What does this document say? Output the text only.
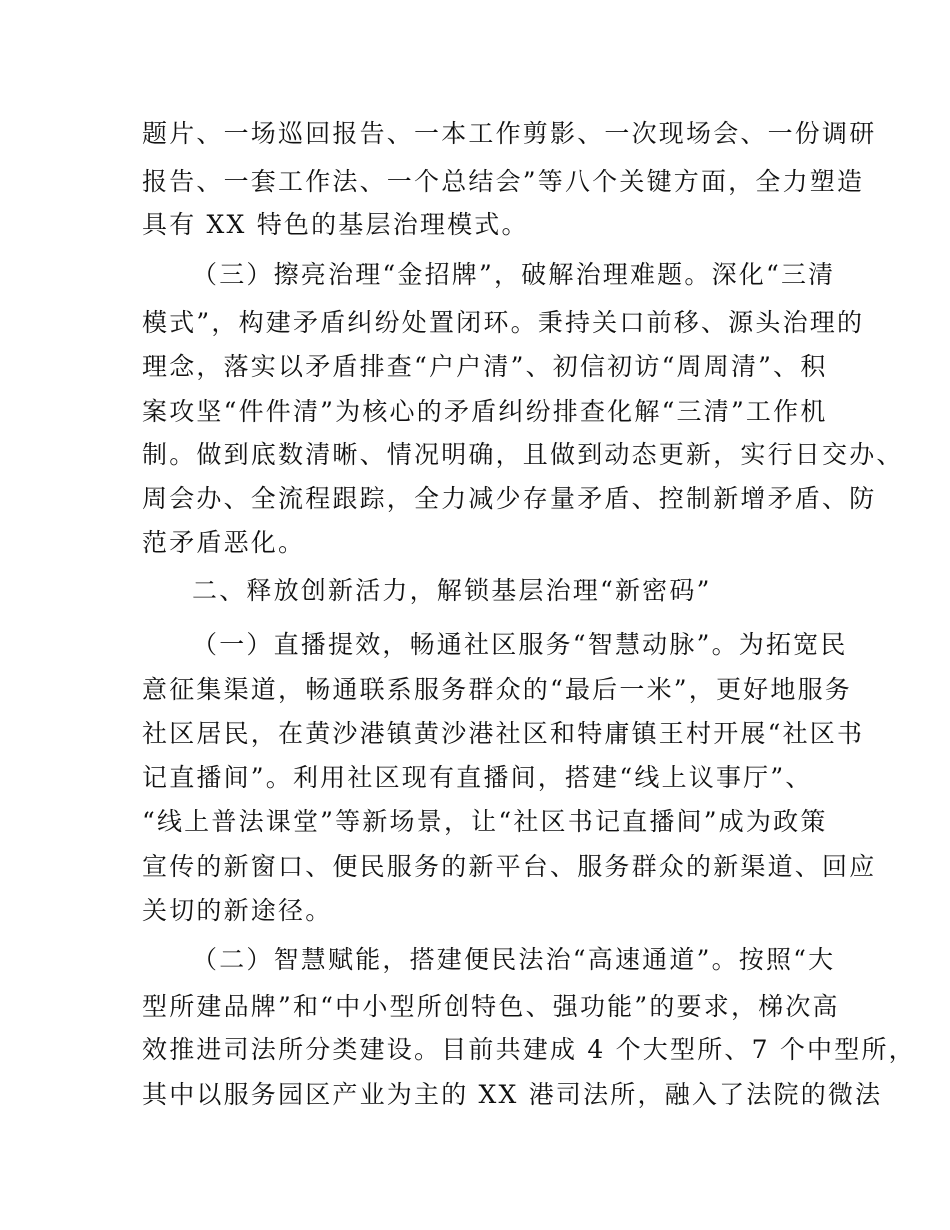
题片、一场巡回报告、一本工作剪影、一次现场会、一份调研

报告、一套工作法、一个总结会”等八个关键方面，全力塑造

具有 XX 特色的基层治理模式。

（三）擦亮治理“金招牌”，破解治理难题。深化“三清

模式”，构建矛盾纠纷处置闭环。秉持关口前移、源头治理的

理念，落实以矛盾排查“户户清”、初信初访“周周清”、积

案攻坚“件件清”为核心的矛盾纠纷排查化解“三清”工作机

制。做到底数清晰、情况明确，且做到动态更新，实行日交办、

周会办、全流程跟踪，全力减少存量矛盾、控制新增矛盾、防

范矛盾恶化。

二、释放创新活力，解锁基层治理“新密码”

（一）直播提效，畅通社区服务“智慧动脉”。为拓宽民

意征集渠道，畅通联系服务群众的“最后一米”，更好地服务

社区居民，在黄沙港镇黄沙港社区和特庸镇王村开展“社区书

记直播间”。利用社区现有直播间，搭建“线上议事厅”、

“线上普法课堂”等新场景，让“社区书记直播间”成为政策

宣传的新窗口、便民服务的新平台、服务群众的新渠道、回应

关切的新途径。

（二）智慧赋能，搭建便民法治“高速通道”。按照“大

型所建品牌”和“中小型所创特色、强功能”的要求，梯次高

效推进司法所分类建设。目前共建成 4 个大型所、7 个中型所，

其中以服务园区产业为主的 XX 港司法所，融入了法院的微法
